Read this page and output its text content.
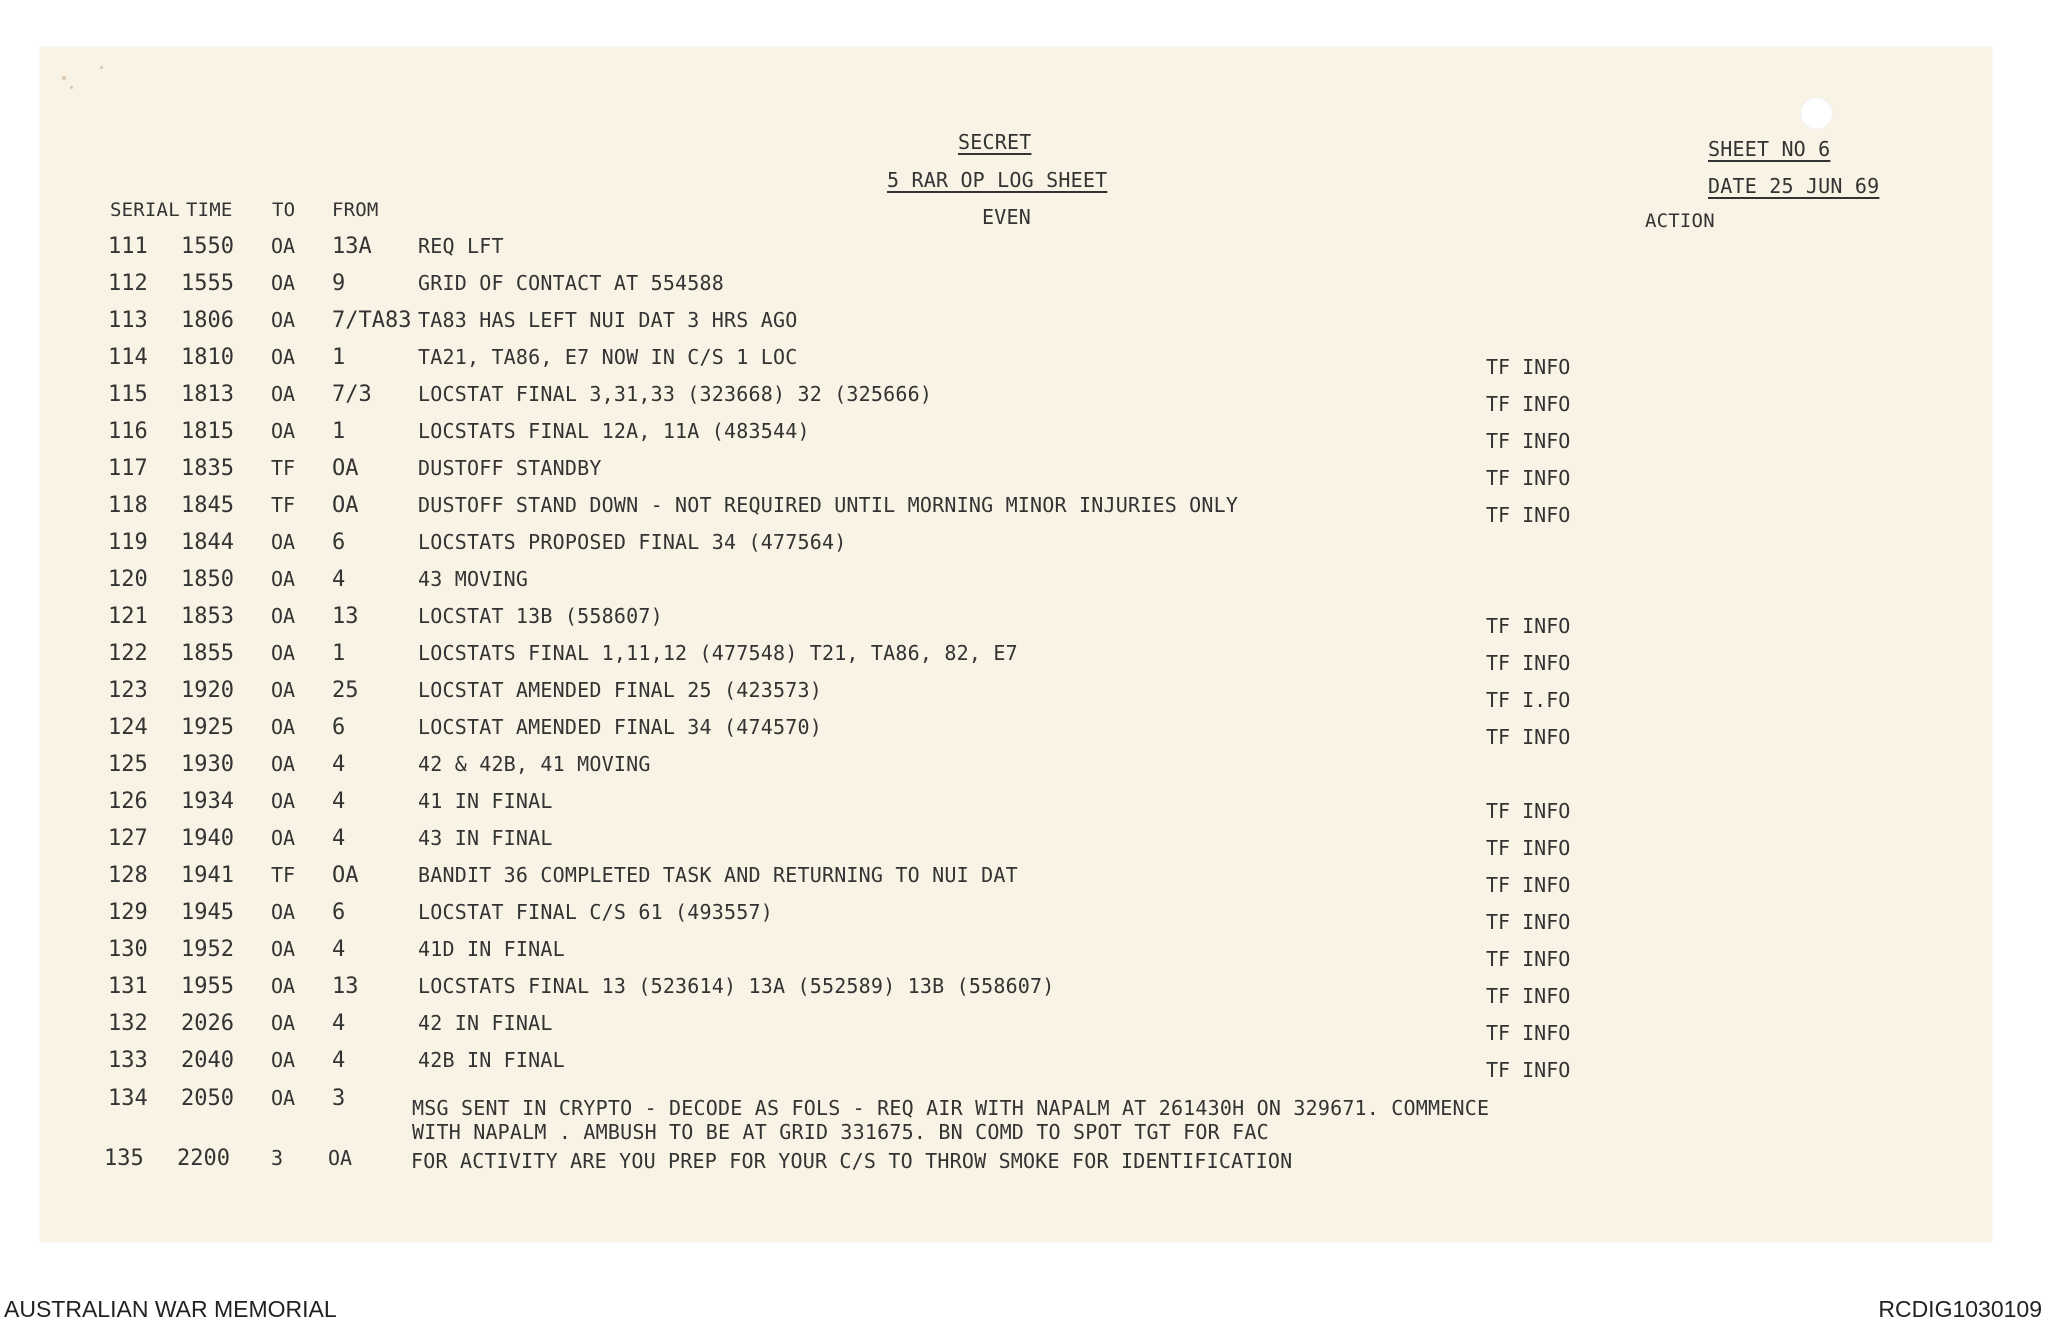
SECRET
5 RAR OP LOG SHEET
EVEN
SHEET NO 6
DATE 25 JUN 69
SERIAL TIME TO FROM	ACTION
111 1550 OA 13A REQ LFT
112 1555 OA 9	GRID OF CONTACT AT 554588
113 1806 OA 7/TA83 TA83 HAS LEFT NUI DAT 3 HRS AGO
114 1810 OA 1	TA21, TA86, E7 NOW IN C/S 1 LOC	TF INFO
115 1813 OA 7/3 LOCSTAT FINAL 3,31,33 (323668) 32 (325666)	TF INFO
116 1815 OA 1	LOCSTATS FINAL 12A, 11A (483544)	TF INFO
117 1835 TF OA	DUSTOFF STANDBY	TF INFO
118 1845 TF OA	DUSTOFF STAND DOWN - NOT REQUIRED UNTIL MORNING MINOR INJURIES ONLY	TF INFO
119 1844 OA 6	LOCSTATS PROPOSED FINAL 34 (477564)
120 1850 OA 4	43 MOVING
121 1853 OA 13	LOCSTAT 13B (558607)	TF INFO
122 1855 OA 1	LOCSTATS FINAL 1,11,12 (477548) T21, TA86, 82, E7	TF INFO
123 1920 OA 25	LOCSTAT AMENDED FINAL 25 (423573)	TF I.FO
124 1925 OA 6	LOCSTAT AMENDED FINAL 34 (474570)	TF INFO
125 1930 OA 4	42 & 42B, 41 MOVING
126 1934 OA 4	41 IN FINAL	TF INFO
127 1940 OA 4	43 IN FINAL	TF INFO
128 1941 TF OA	BANDIT 36 COMPLETED TASK AND RETURNING TO NUI DAT	TF INFO
129 1945 OA 6	LOCSTAT FINAL C/S 61 (493557)	TF INFO
130 1952 OA 4	41D IN FINAL	TF INFO
131 1955 OA 13	LOCSTATS FINAL 13 (523614) 13A (552589) 13B (558607)	TF INFO
132 2026 OA 4	42 IN FINAL	TF INFO
133 2040 OA 4	42B IN FINAL	TF INFO
134 2050 OA 3	MSG SENT IN CRYPTO - DECODE AS FOLS - REQ AIR WITH NAPALM AT 261430H ON 329671. COMMENCE
WITH NAPALM . AMBUSH TO BE AT GRID 331675. BN COMD TO SPOT TGT FOR FAC
135 2200 3 OA	FOR ACTIVITY ARE YOU PREP FOR YOUR C/S TO THROW SMOKE FOR IDENTIFICATION
AUSTRALIAN WAR MEMORIAL	RCDIG1030109
